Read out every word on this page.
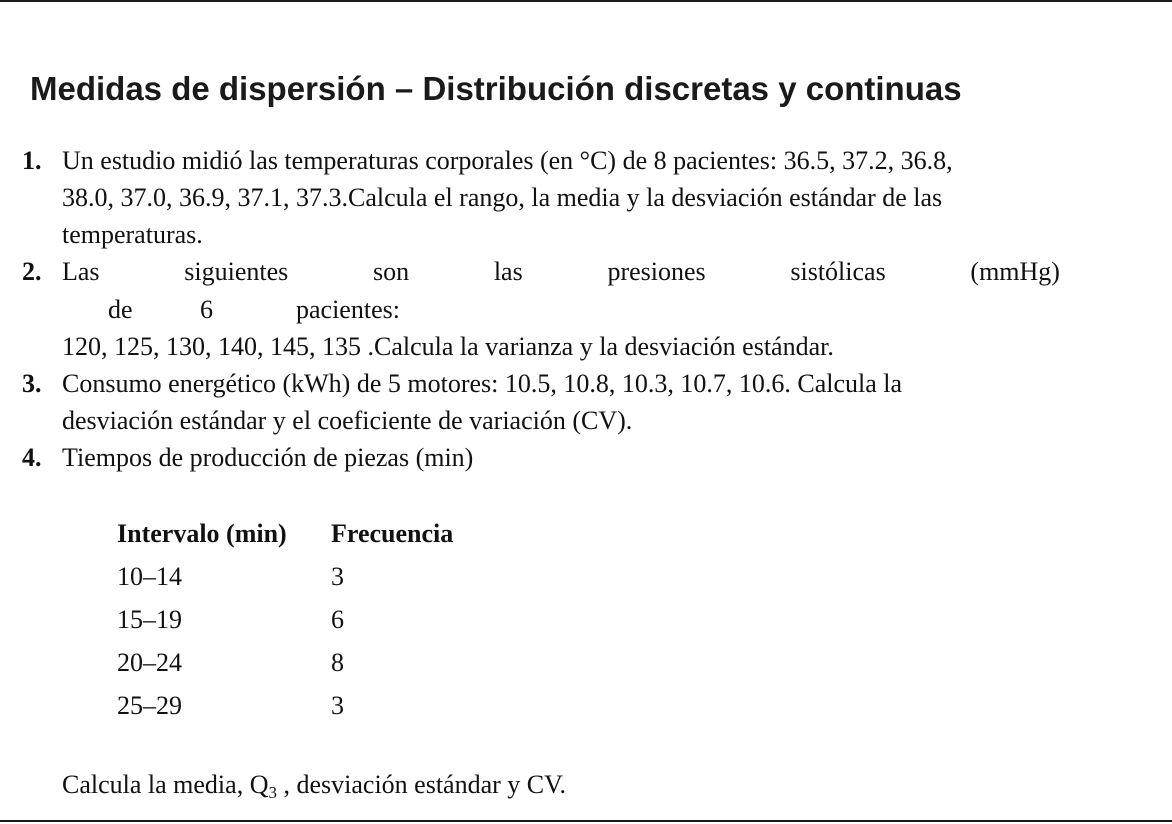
Medidas de dispersión – Distribución discretas y continuas
1. Un estudio midió las temperaturas corporales (en °C) de 8 pacientes: 36.5, 37.2, 36.8,
38.0, 37.0, 36.9, 37.1, 37.3.Calcula el rango, la media y la desviación estándar de las
temperaturas.
2. Las	siguientes	son	las	presiones	sistólicas	(mmHg)
de	6	pacientes:
120, 125, 130, 140, 145, 135 .Calcula la varianza y la desviación estándar.
3. Consumo energético (kWh) de 5 motores: 10.5, 10.8, 10.3, 10.7, 10.6. Calcula la
desviación estándar y el coeficiente de variación (CV).
4. Tiempos de producción de piezas (min)
Intervalo (min) Frecuencia
10–14	3
15–19	6
20–24	8
25–29	3
Calcula la media, $Q_3$ , desviación estándar y CV.
